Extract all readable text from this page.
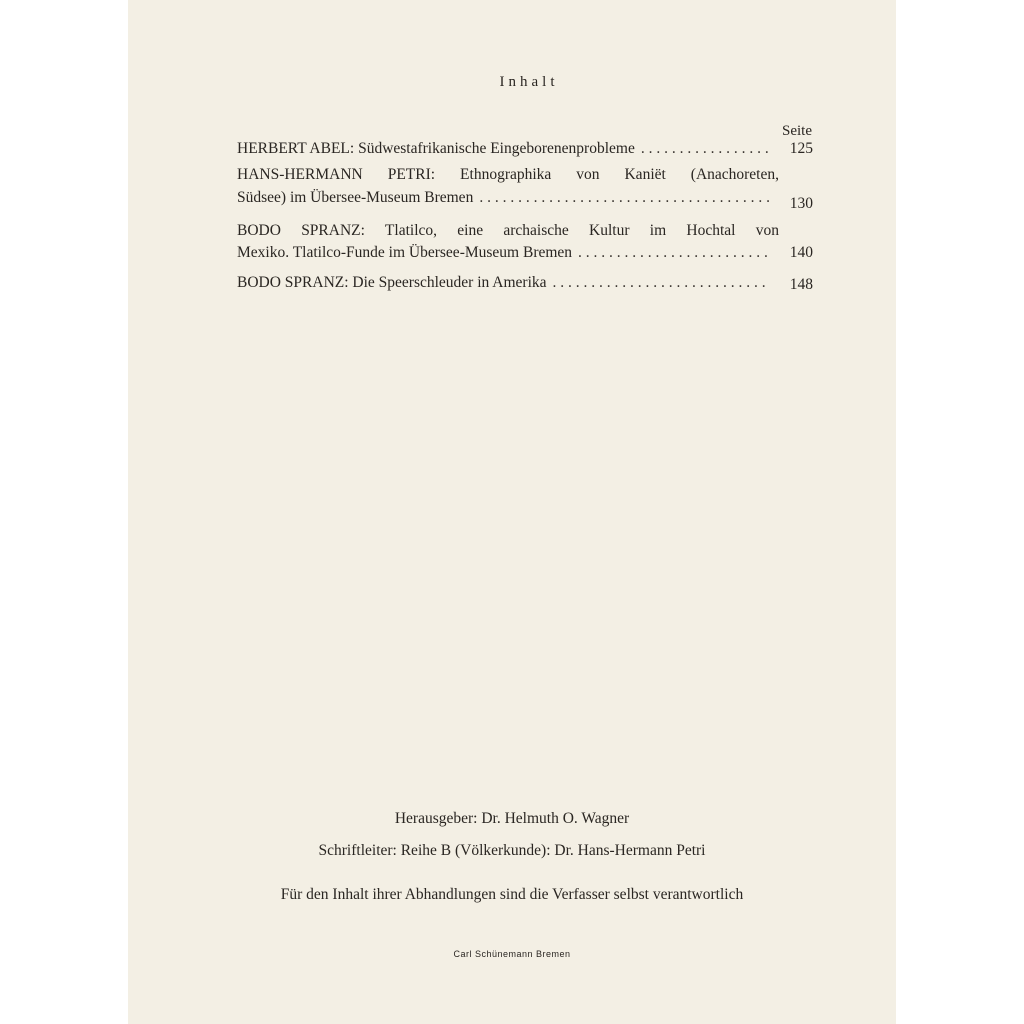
Inhalt
Seite
HERBERT ABEL: Südwestafrikanische Eingeborenenprobleme . . .	125
HANS-HERMANN PETRI: Ethnographika von Kaniët (Anachoreten,
Südsee) im Übersee-Museum Bremen . . .	130
BODO SPRANZ: Tlatilco, eine archaische Kultur im Hochtal von
Mexiko. Tlatilco-Funde im Übersee-Museum Bremen . . .	140
BODO SPRANZ: Die Speerschleuder in Amerika . . .	148
Herausgeber: Dr. Helmuth O. Wagner
Schriftleiter: Reihe B (Völkerkunde): Dr. Hans-Hermann Petri
Für den Inhalt ihrer Abhandlungen sind die Verfasser selbst verantwortlich
Carl Schünemann Bremen
